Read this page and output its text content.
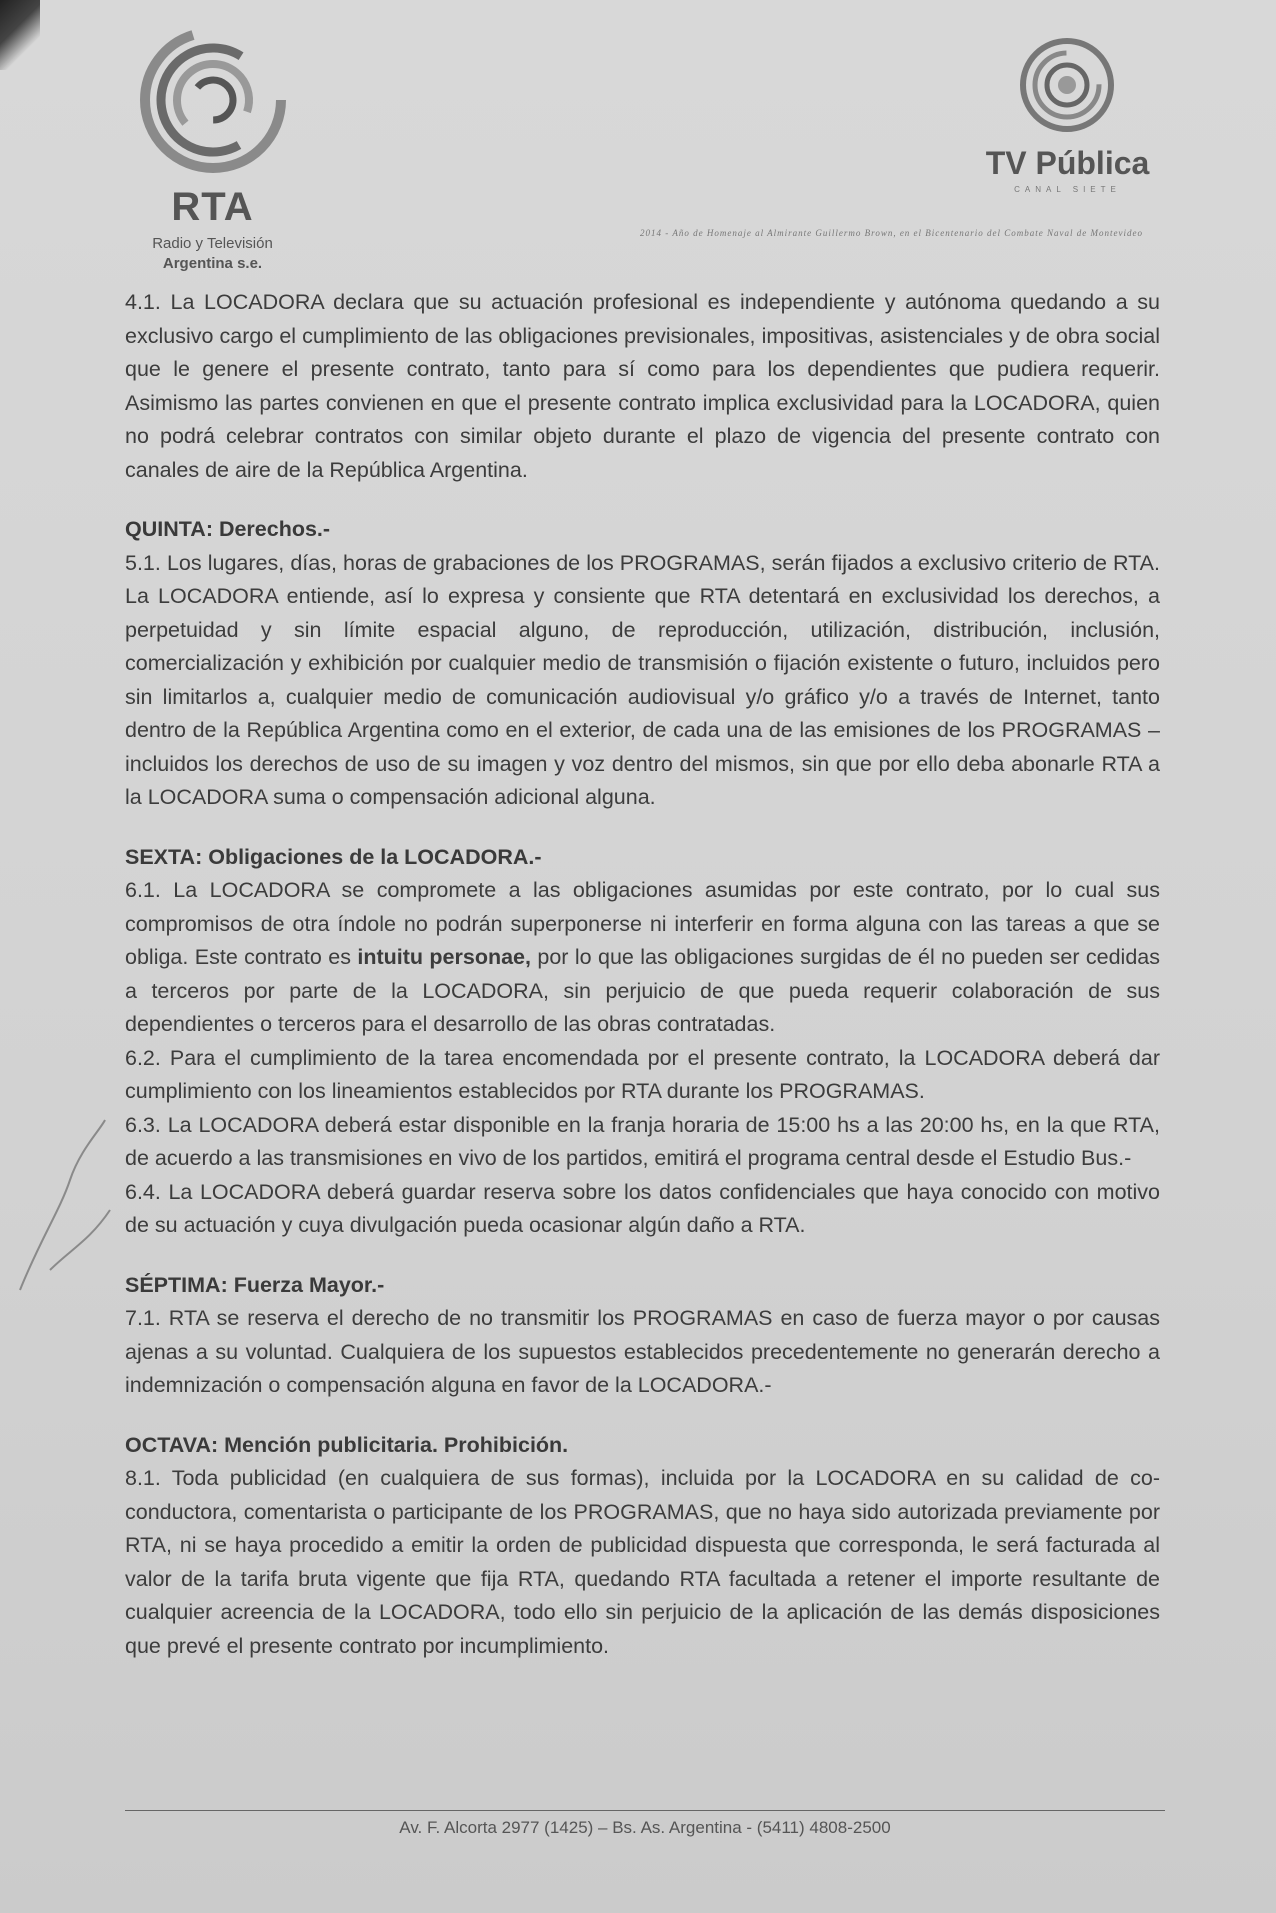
RTA
Radio y Televisión
Argentina s.e.
TV Pública
CANAL SIETE
2014 - Año de Homenaje al Almirante Guillermo Brown, en el Bicentenario del Combate Naval de Montevideo

4.1. La LOCADORA declara que su actuación profesional es independiente y autónoma quedando a su exclusivo cargo el cumplimiento de las obligaciones previsionales, impositivas, asistenciales y de obra social que le genere el presente contrato, tanto para sí como para los dependientes que pudiera requerir. Asimismo las partes convienen en que el presente contrato implica exclusividad para la LOCADORA, quien no podrá celebrar contratos con similar objeto durante el plazo de vigencia del presente contrato con canales de aire de la República Argentina.

QUINTA: Derechos.-

5.1. Los lugares, días, horas de grabaciones de los PROGRAMAS, serán fijados a exclusivo criterio de RTA. La LOCADORA entiende, así lo expresa y consiente que RTA detentará en exclusividad los derechos, a perpetuidad y sin límite espacial alguno, de reproducción, utilización, distribución, inclusión, comercialización y exhibición por cualquier medio de transmisión o fijación existente o futuro, incluidos pero sin limitarlos a, cualquier medio de comunicación audiovisual y/o gráfico y/o a través de Internet, tanto dentro de la República Argentina como en el exterior, de cada una de las emisiones de los PROGRAMAS – incluidos los derechos de uso de su imagen y voz dentro del mismos, sin que por ello deba abonarle RTA a la LOCADORA suma o compensación adicional alguna.

SEXTA: Obligaciones de la LOCADORA.-

6.1. La LOCADORA se compromete a las obligaciones asumidas por este contrato, por lo cual sus compromisos de otra índole no podrán superponerse ni interferir en forma alguna con las tareas a que se obliga. Este contrato es intuitu personae, por lo que las obligaciones surgidas de él no pueden ser cedidas a terceros por parte de la LOCADORA, sin perjuicio de que pueda requerir colaboración de sus dependientes o terceros para el desarrollo de las obras contratadas.

6.2. Para el cumplimiento de la tarea encomendada por el presente contrato, la LOCADORA deberá dar cumplimiento con los lineamientos establecidos por RTA durante los PROGRAMAS.

6.3. La LOCADORA deberá estar disponible en la franja horaria de 15:00 hs a las 20:00 hs, en la que RTA, de acuerdo a las transmisiones en vivo de los partidos, emitirá el programa central desde el Estudio Bus.-

6.4. La LOCADORA deberá guardar reserva sobre los datos confidenciales que haya conocido con motivo de su actuación y cuya divulgación pueda ocasionar algún daño a RTA.

SÉPTIMA: Fuerza Mayor.-

7.1. RTA se reserva el derecho de no transmitir los PROGRAMAS en caso de fuerza mayor o por causas ajenas a su voluntad. Cualquiera de los supuestos establecidos precedentemente no generarán derecho a indemnización o compensación alguna en favor de la LOCADORA.-

OCTAVA: Mención publicitaria. Prohibición.

8.1. Toda publicidad (en cualquiera de sus formas), incluida por la LOCADORA en su calidad de co-conductora, comentarista o participante de los PROGRAMAS, que no haya sido autorizada previamente por RTA, ni se haya procedido a emitir la orden de publicidad dispuesta que corresponda, le será facturada al valor de la tarifa bruta vigente que fija RTA, quedando RTA facultada a retener el importe resultante de cualquier acreencia de la LOCADORA, todo ello sin perjuicio de la aplicación de las demás disposiciones que prevé el presente contrato por incumplimiento.

Av. F. Alcorta 2977 (1425) – Bs. As. Argentina - (5411) 4808-2500
